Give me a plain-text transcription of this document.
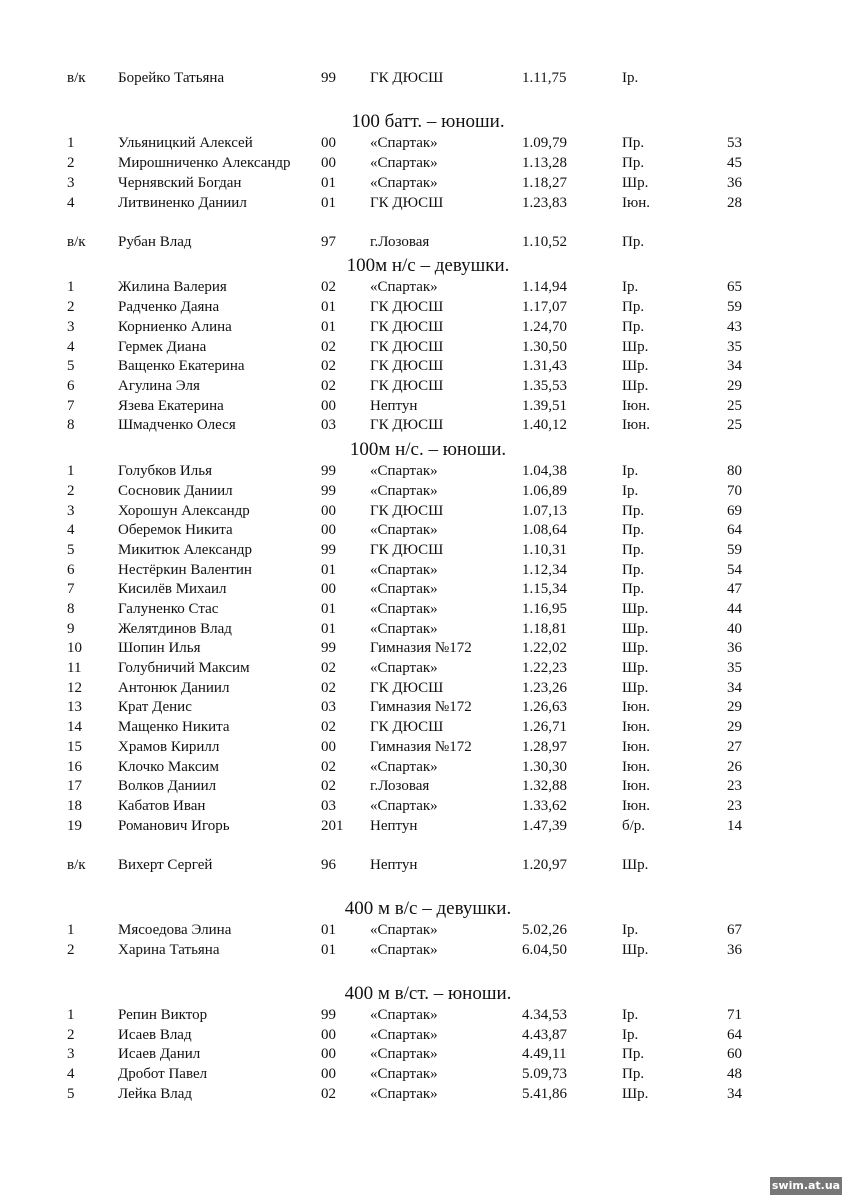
в/к Борейко Татьяна	99 ГК ДЮСШ	1.11,75	Іp.
100 батт. – юноши.
1	Ульяницкий Алексей	00 «Спартак»	1.09,79	Пр.	53
2	Мирошниченко Александр 00 «Спартак»	1.13,28	Пр.	45
3	Чернявский Богдан	01 «Спартак»	1.18,27	Шр.	36
4	Литвиненко Даниил	01 ГК ДЮСШ	1.23,83	Іюн.	28
в/к Рубан Влад	97 г.Лозовая	1.10,52	Пр.
100м н/с – девушки.
1	Жилина Валерия	02 «Спартак»	1.14,94	Іp.	65
2	Радченко Даяна	01 ГК ДЮСШ	1.17,07	Пр.	59
3	Корниенко Алина	01 ГК ДЮСШ	1.24,70	Пр.	43
4	Гермек Диана	02 ГК ДЮСШ	1.30,50	Шр.	35
5	Ващенко Екатерина	02 ГК ДЮСШ	1.31,43	Шр.	34
6	Агулина Эля	02 ГК ДЮСШ	1.35,53	Шр.	29
7	Язева Екатерина	00 Нептун	1.39,51	Іюн.	25
8	Шмадченко Олеся	03 ГК ДЮСШ	1.40,12	Іюн.	25
100м н/с. – юноши.
1	Голубков Илья	99 «Спартак»	1.04,38	Іp.	80
2	Сосновик Даниил	99 «Спартак»	1.06,89	Іp.	70
3	Хорошун Александр	00 ГК ДЮСШ	1.07,13	Пр.	69
4	Оберемок Никита	00 «Спартак»	1.08,64	Пр.	64
5	Микитюк Александр	99 ГК ДЮСШ	1.10,31	Пр.	59
6	Нестёркин Валентин	01 «Спартак»	1.12,34	Пр.	54
7	Кисилёв Михаил	00 «Спартак»	1.15,34	Пр.	47
8	Галуненко Стас	01 «Спартак»	1.16,95	Шр.	44
9	Желятдинов Влад	01 «Спартак»	1.18,81	Шр.	40
10 Шопин Илья	99 Гимназия №172	1.22,02	Шр.	36
11 Голубничий Максим	02 «Спартак»	1.22,23	Шр.	35
12 Антонюк Даниил	02 ГК ДЮСШ	1.23,26	Шр.	34
13 Крат Денис	03 Гимназия №172	1.26,63	Іюн.	29
14 Мащенко Никита	02 ГК ДЮСШ	1.26,71	Іюн.	29
15 Храмов Кирилл	00 Гимназия №172	1.28,97	Іюн.	27
16 Клочко Максим	02 «Спартак»	1.30,30	Іюн.	26
17 Волков Даниил	02 г.Лозовая	1.32,88	Іюн.	23
18 Кабатов Иван	03 «Спартак»	1.33,62	Іюн.	23
19 Романович Игорь	201 Нептун	1.47,39	б/р.	14
в/к Вихерт Сергей	96 Нептун	1.20,97	Шр.
400 м в/с – девушки.
1	Мясоедова Элина	01 «Спартак»	5.02,26	Іp.	67
2	Харина Татьяна	01 «Спартак»	6.04,50	Шр.	36
400 м в/ст. – юноши.
1	Репин Виктор	99 «Спартак»	4.34,53	Іp.	71
2	Исаев Влад	00 «Спартак»	4.43,87	Іp.	64
3	Исаев Данил	00 «Спартак»	4.49,11	Пр.	60
4	Дробот Павел	00 «Спартак»	5.09,73	Пр.	48
5	Лейка Влад	02 «Спартак»	5.41,86	Шр.	34
swim.at.ua
